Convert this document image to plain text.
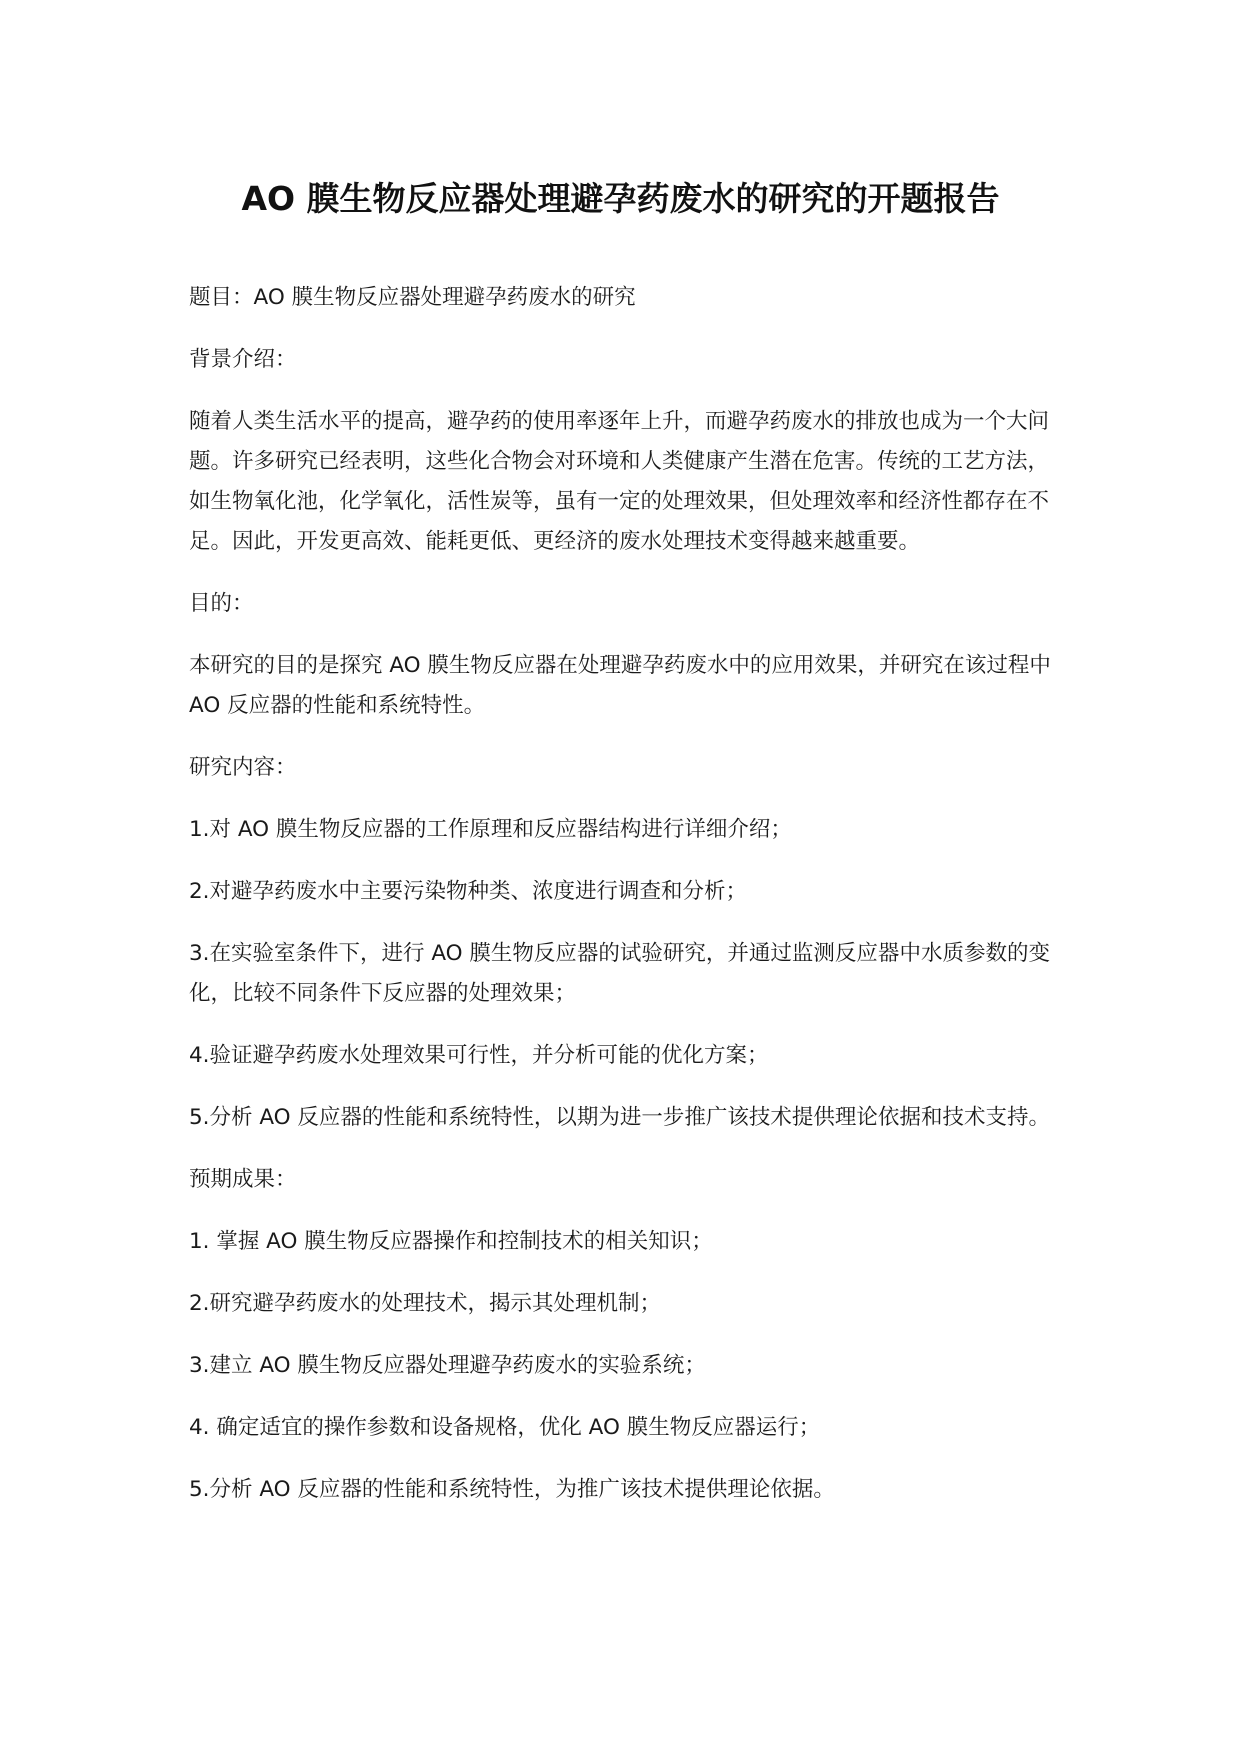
AO 膜生物反应器处理避孕药废水的研究的开题报告

题目：AO 膜生物反应器处理避孕药废水的研究

背景介绍：

随着人类生活水平的提高，避孕药的使用率逐年上升，而避孕药废水的排放也成为一个大问题。许多研究已经表明，这些化合物会对环境和人类健康产生潜在危害。传统的工艺方法，如生物氧化池，化学氧化，活性炭等，虽有一定的处理效果，但处理效率和经济性都存在不足。因此，开发更高效、能耗更低、更经济的废水处理技术变得越来越重要。

目的：

本研究的目的是探究 AO 膜生物反应器在处理避孕药废水中的应用效果，并研究在该过程中 AO 反应器的性能和系统特性。

研究内容：

1.对 AO 膜生物反应器的工作原理和反应器结构进行详细介绍；

2.对避孕药废水中主要污染物种类、浓度进行调查和分析；

3.在实验室条件下，进行 AO 膜生物反应器的试验研究，并通过监测反应器中水质参数的变化，比较不同条件下反应器的处理效果；

4.验证避孕药废水处理效果可行性，并分析可能的优化方案；

5.分析 AO 反应器的性能和系统特性，以期为进一步推广该技术提供理论依据和技术支持。

预期成果：

1. 掌握 AO 膜生物反应器操作和控制技术的相关知识；

2.研究避孕药废水的处理技术，揭示其处理机制；

3.建立 AO 膜生物反应器处理避孕药废水的实验系统；

4. 确定适宜的操作参数和设备规格，优化 AO 膜生物反应器运行；

5.分析 AO 反应器的性能和系统特性，为推广该技术提供理论依据。
